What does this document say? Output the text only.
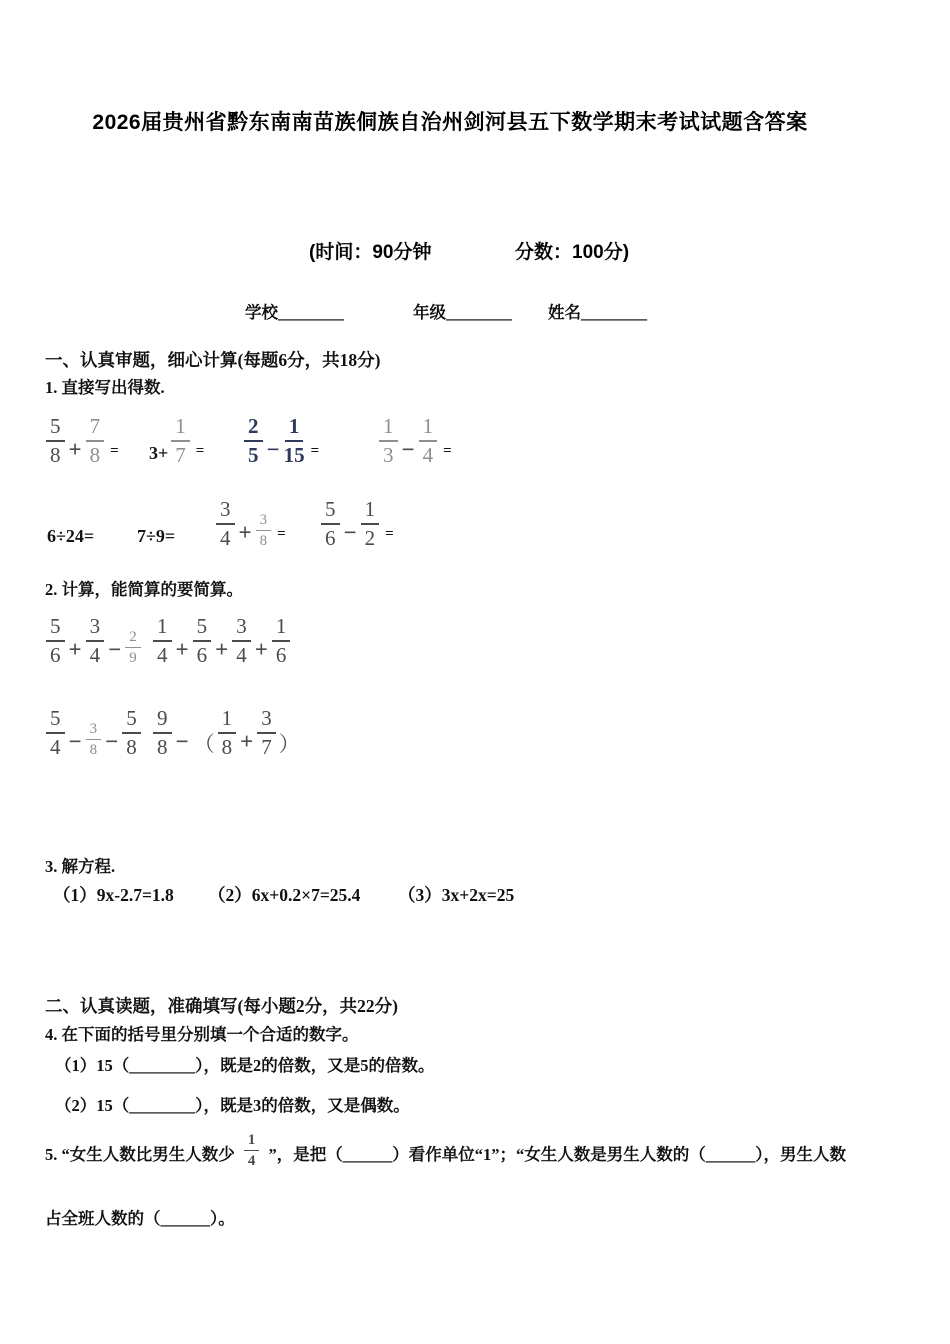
2026届贵州省黔东南南苗族侗族自治州剑河县五下数学期末考试试题含答案
(时间：90分钟	分数：100分)
学校________	年级________ 姓名________
一、认真审题，细心计算(每题6分，共18分)
1. 直接写出得数.
$\frac{5}{8} + \frac{7}{8} = 3+ \frac{1}{7} = \frac{2}{5} - \frac{1}{15}$ =	$\frac{1}{3} - \frac{1}{4}$ =
$6\div 24= 7\div 9= \frac{3}{4} + \frac{3}{8} = \frac{5}{6} - \frac{1}{2}$ =
2. 计算，能简算的要简算。
$\frac{5}{6} + \frac{3}{4} - \frac{2}{9} \frac{1}{4} + \frac{5}{6} + \frac{3}{4} + \frac{1}{6}$
$\frac{5}{4} - \frac{3}{8} - \frac{5}{8} \frac{9}{8}$ − （ $\frac{1}{8} + \frac{3}{7}$ ）
3. 解方程.
（1）9x-2.7=1.8 （2）6x+0.2×7=25.4 （3）3x+2x=25
二、认真读题，准确填写(每小题2分，共22分)
4. 在下面的括号里分别填一个合适的数字。
（1）15（________），既是2的倍数，又是5的倍数。
（2）15（________），既是3的倍数，又是偶数。
5. “女生人数比男生人数少 $\frac{1}{4}$ ”，是把（______）看作单位“1”；“女生人数是男生人数的（______），男生人数
占全班人数的（______）。
